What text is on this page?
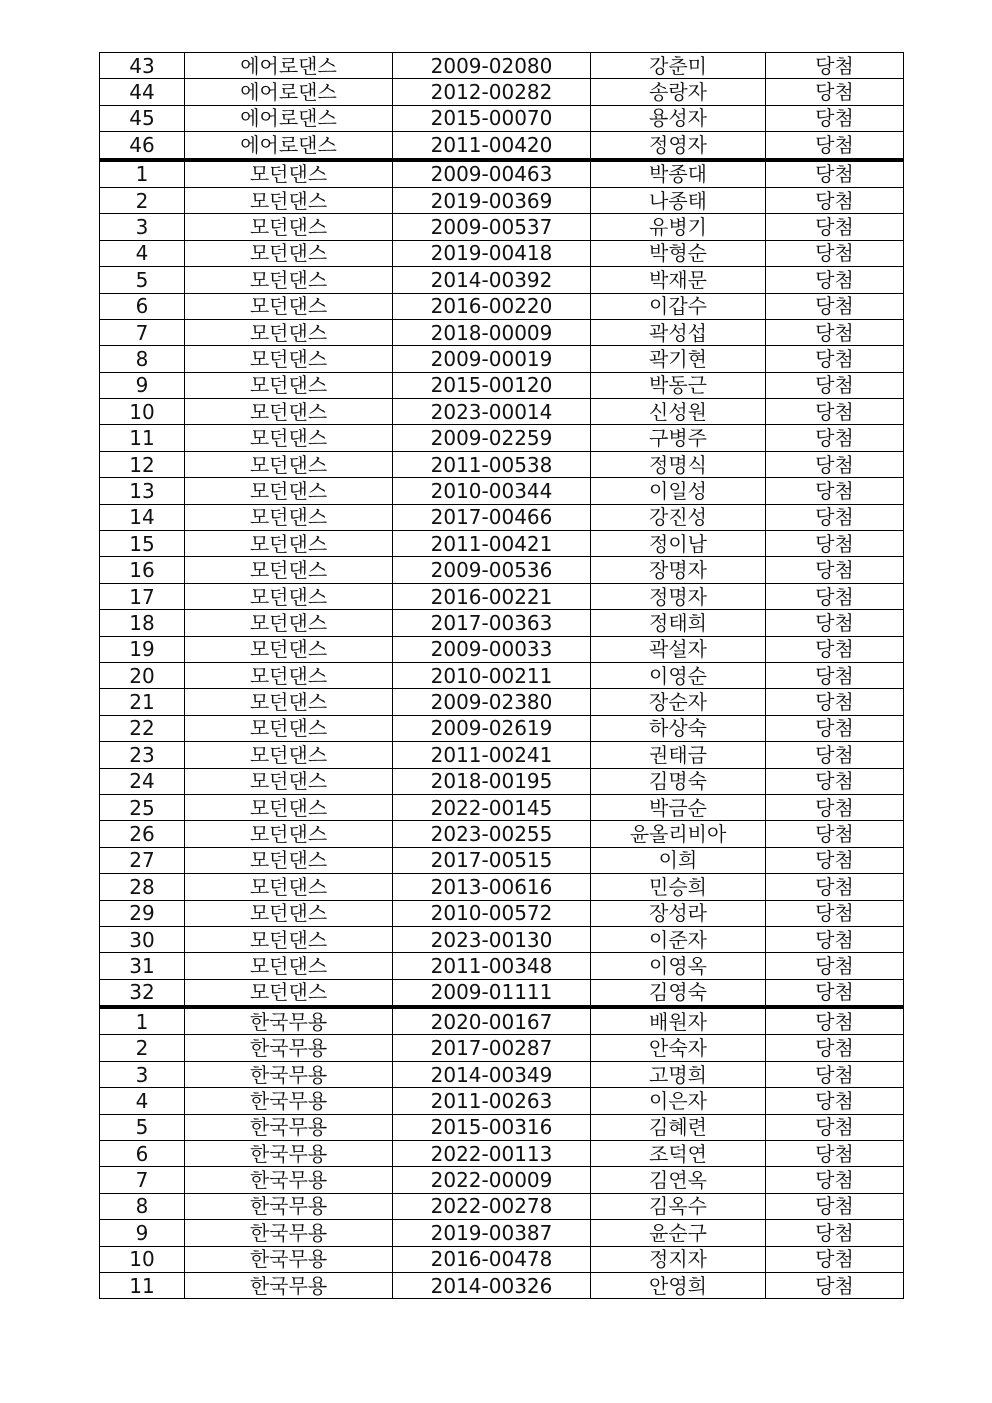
43	에어로댄스	2009-02080	강춘미	당첨
44	에어로댄스	2012-00282	송랑자	당첨
45	에어로댄스	2015-00070	용성자	당첨
46	에어로댄스	2011-00420	정영자	당첨
1	모던댄스	2009-00463	박종대	당첨
2	모던댄스	2019-00369	나종태	당첨
3	모던댄스	2009-00537	유병기	당첨
4	모던댄스	2019-00418	박형순	당첨
5	모던댄스	2014-00392	박재문	당첨
6	모던댄스	2016-00220	이갑수	당첨
7	모던댄스	2018-00009	곽성섭	당첨
8	모던댄스	2009-00019	곽기현	당첨
9	모던댄스	2015-00120	박동근	당첨
10	모던댄스	2023-00014	신성원	당첨
11	모던댄스	2009-02259	구병주	당첨
12	모던댄스	2011-00538	정명식	당첨
13	모던댄스	2010-00344	이일성	당첨
14	모던댄스	2017-00466	강진성	당첨
15	모던댄스	2011-00421	정이남	당첨
16	모던댄스	2009-00536	장명자	당첨
17	모던댄스	2016-00221	정명자	당첨
18	모던댄스	2017-00363	정태희	당첨
19	모던댄스	2009-00033	곽설자	당첨
20	모던댄스	2010-00211	이영순	당첨
21	모던댄스	2009-02380	장순자	당첨
22	모던댄스	2009-02619	하상숙	당첨
23	모던댄스	2011-00241	권태금	당첨
24	모던댄스	2018-00195	김명숙	당첨
25	모던댄스	2022-00145	박금순	당첨
26	모던댄스	2023-00255	윤올리비아	당첨
27	모던댄스	2017-00515	이희	당첨
28	모던댄스	2013-00616	민승희	당첨
29	모던댄스	2010-00572	장성라	당첨
30	모던댄스	2023-00130	이준자	당첨
31	모던댄스	2011-00348	이영옥	당첨
32	모던댄스	2009-01111	김영숙	당첨
1	한국무용	2020-00167	배원자	당첨
2	한국무용	2017-00287	안숙자	당첨
3	한국무용	2014-00349	고명희	당첨
4	한국무용	2011-00263	이은자	당첨
5	한국무용	2015-00316	김혜련	당첨
6	한국무용	2022-00113	조덕연	당첨
7	한국무용	2022-00009	김연옥	당첨
8	한국무용	2022-00278	김옥수	당첨
9	한국무용	2019-00387	윤순구	당첨
10	한국무용	2016-00478	정지자	당첨
11	한국무용	2014-00326	안영희	당첨
